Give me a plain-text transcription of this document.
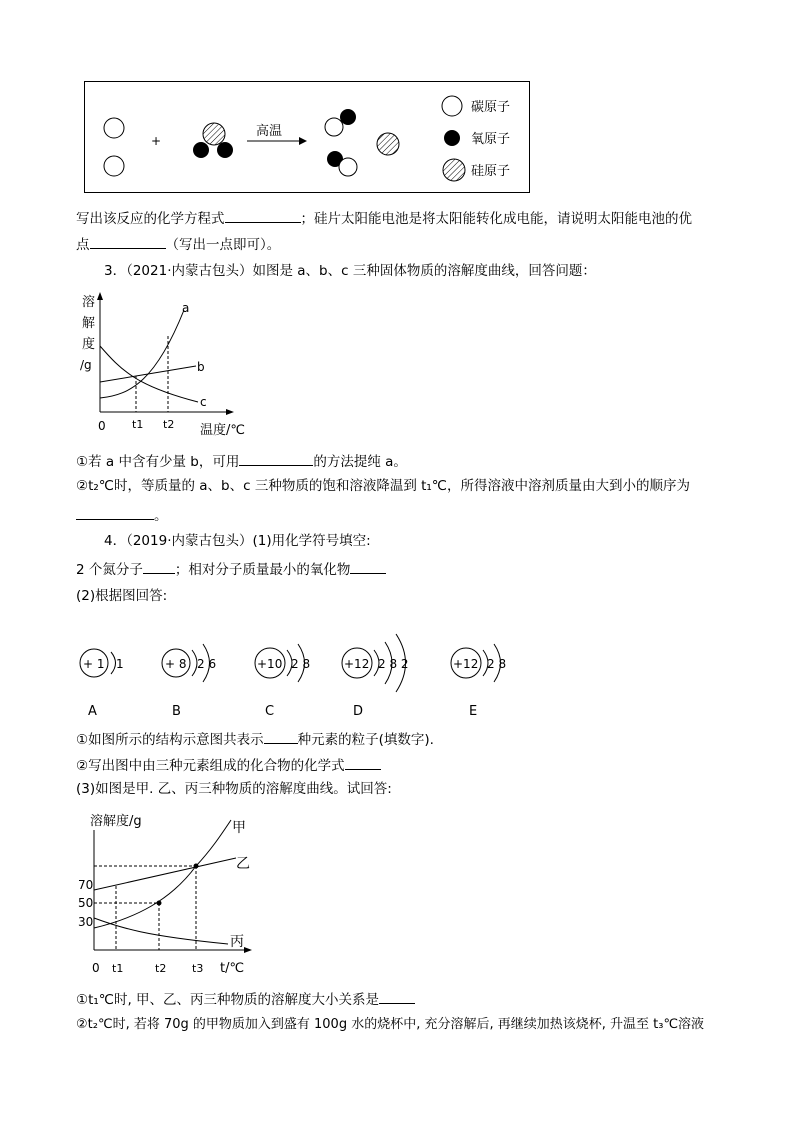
+
高温
碳原子
氧原子
硅原子
写出该反应的化学方程式	；硅片太阳能电池是将太阳能转化成电能，请说明太阳能电池的优
点	（写出一点即可）。
3．（2021·内蒙古包头）如图是 a、b、c 三种固体物质的溶解度曲线，回答问题：
溶
解
度
/g
a
b
c
0 t1 t2 温度/℃
①若 a 中含有少量 b，可用	的方法提纯 a。
②t₂℃时，等质量的 a、b、c 三种物质的饱和溶液降温到 t₁℃，所得溶液中溶剂质量由大到小的顺序为
。
4．（2019·内蒙古包头）(1)用化学符号填空:
2 个氮分子 ；相对分子质量最小的氧化物
(2)根据图回答:
+ 1 1
A
+ 8 2 6
B
+10 2 8
C
+12 2 8 2
D
+12 2 8
E
①如图所示的结构示意图共表示	种元素的粒子(填数字).
②写出图中由三种元素组成的化合物的化学式
(3)如图是甲. 乙、丙三种物质的溶解度曲线。试回答:
溶解度/g	甲
乙
丙
70
50
30
0 t1	t2 t3 t/℃
①t₁℃时, 甲、乙、丙三种物质的溶解度大小关系是
②t₂℃时, 若将 70g 的甲物质加入到盛有 100g 水的烧杯中, 充分溶解后, 再继续加热该烧杯, 升温至 t₃℃溶液
